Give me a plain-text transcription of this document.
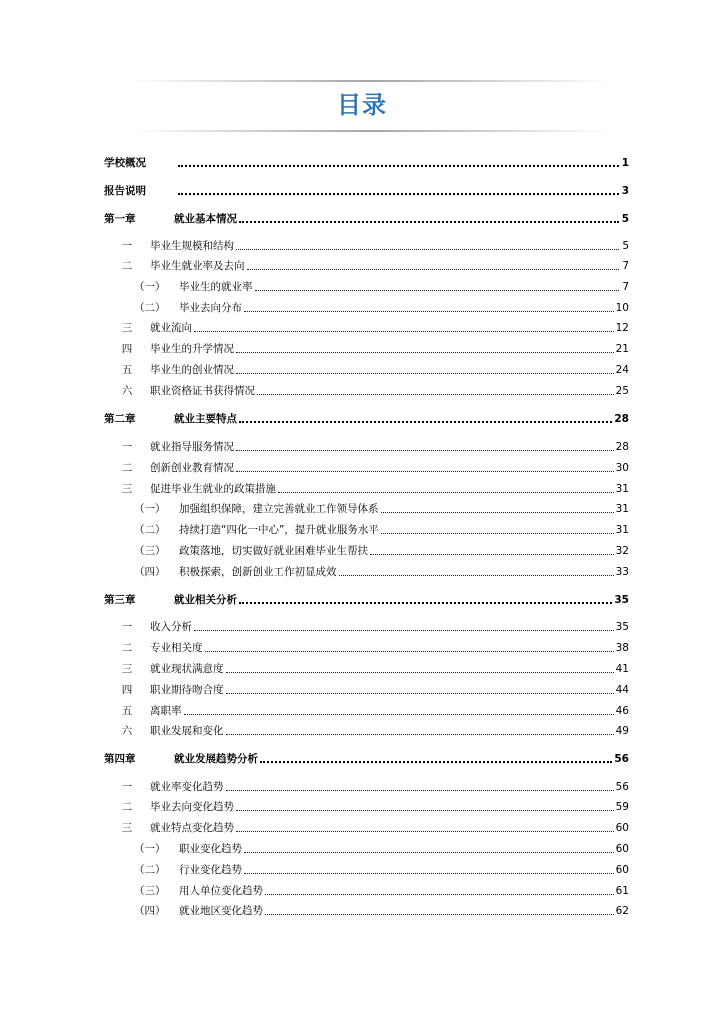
目录
学校概况	1
报告说明	3
第一章	就业基本情况	5
一	毕业生规模和结构	5
二	毕业生就业率及去向	7
（一）	毕业生的就业率	7
（二）	毕业去向分布	10
三	就业流向	12
四	毕业生的升学情况	21
五	毕业生的创业情况	24
六	职业资格证书获得情况	25
第二章	就业主要特点	28
一	就业指导服务情况	28
二	创新创业教育情况	30
三	促进毕业生就业的政策措施	31
（一）	加强组织保障，建立完善就业工作领导体系	31
（二）	持续打造“四化一中心”，提升就业服务水平	31
（三）	政策落地，切实做好就业困难毕业生帮扶	32
（四）	积极探索，创新创业工作初显成效	33
第三章	就业相关分析	35
一	收入分析	35
二	专业相关度	38
三	就业现状满意度	41
四	职业期待吻合度	44
五	离职率	46
六	职业发展和变化	49
第四章	就业发展趋势分析	56
一	就业率变化趋势	56
二	毕业去向变化趋势	59
三	就业特点变化趋势	60
（一）	职业变化趋势	60
（二）	行业变化趋势	60
（三）	用人单位变化趋势	61
（四）	就业地区变化趋势	62
